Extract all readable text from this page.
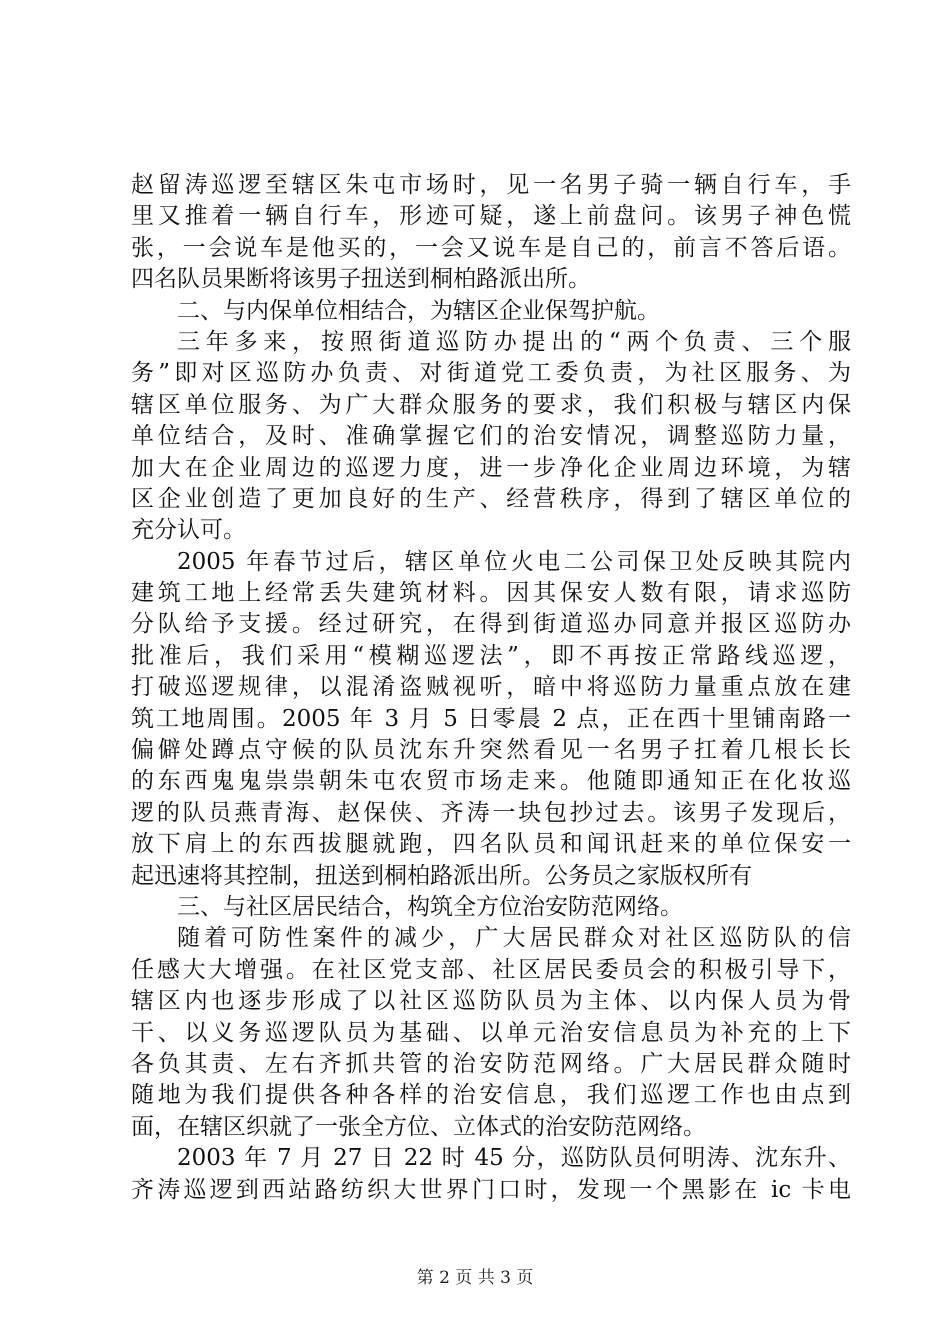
赵留涛巡逻至辖区朱屯市场时，见一名男子骑一辆自行车，手
里又推着一辆自行车，形迹可疑，遂上前盘问。该男子神色慌
张，一会说车是他买的，一会又说车是自己的，前言不答后语。
四名队员果断将该男子扭送到桐柏路派出所。
二、与内保单位相结合，为辖区企业保驾护航。
三年多来，按照街道巡防办提出的“两个负责、三个服
务”即对区巡防办负责、对街道党工委负责，为社区服务、为
辖区单位服务、为广大群众服务的要求，我们积极与辖区内保
单位结合，及时、准确掌握它们的治安情况，调整巡防力量，
加大在企业周边的巡逻力度，进一步净化企业周边环境，为辖
区企业创造了更加良好的生产、经营秩序，得到了辖区单位的
充分认可。
2005 年春节过后，辖区单位火电二公司保卫处反映其院内
建筑工地上经常丢失建筑材料。因其保安人数有限，请求巡防
分队给予支援。经过研究，在得到街道巡办同意并报区巡防办
批准后，我们采用“模糊巡逻法”，即不再按正常路线巡逻，
打破巡逻规律，以混淆盗贼视听，暗中将巡防力量重点放在建
筑工地周围。2005 年 3 月 5 日零晨 2 点，正在西十里铺南路一
偏僻处蹲点守候的队员沈东升突然看见一名男子扛着几根长长
的东西鬼鬼祟祟朝朱屯农贸市场走来。他随即通知正在化妆巡
逻的队员燕青海、赵保侠、齐涛一块包抄过去。该男子发现后，
放下肩上的东西拔腿就跑，四名队员和闻讯赶来的单位保安一
起迅速将其控制，扭送到桐柏路派出所。公务员之家版权所有
三、与社区居民结合，构筑全方位治安防范网络。
随着可防性案件的减少，广大居民群众对社区巡防队的信
任感大大增强。在社区党支部、社区居民委员会的积极引导下，
辖区内也逐步形成了以社区巡防队员为主体、以内保人员为骨
干、以义务巡逻队员为基础、以单元治安信息员为补充的上下
各负其责、左右齐抓共管的治安防范网络。广大居民群众随时
随地为我们提供各种各样的治安信息，我们巡逻工作也由点到
面，在辖区织就了一张全方位、立体式的治安防范网络。
2003 年 7 月 27 日 22 时 45 分，巡防队员何明涛、沈东升、
齐涛巡逻到西站路纺织大世界门口时，发现一个黑影在 ic 卡电
第 2 页 共 3 页
